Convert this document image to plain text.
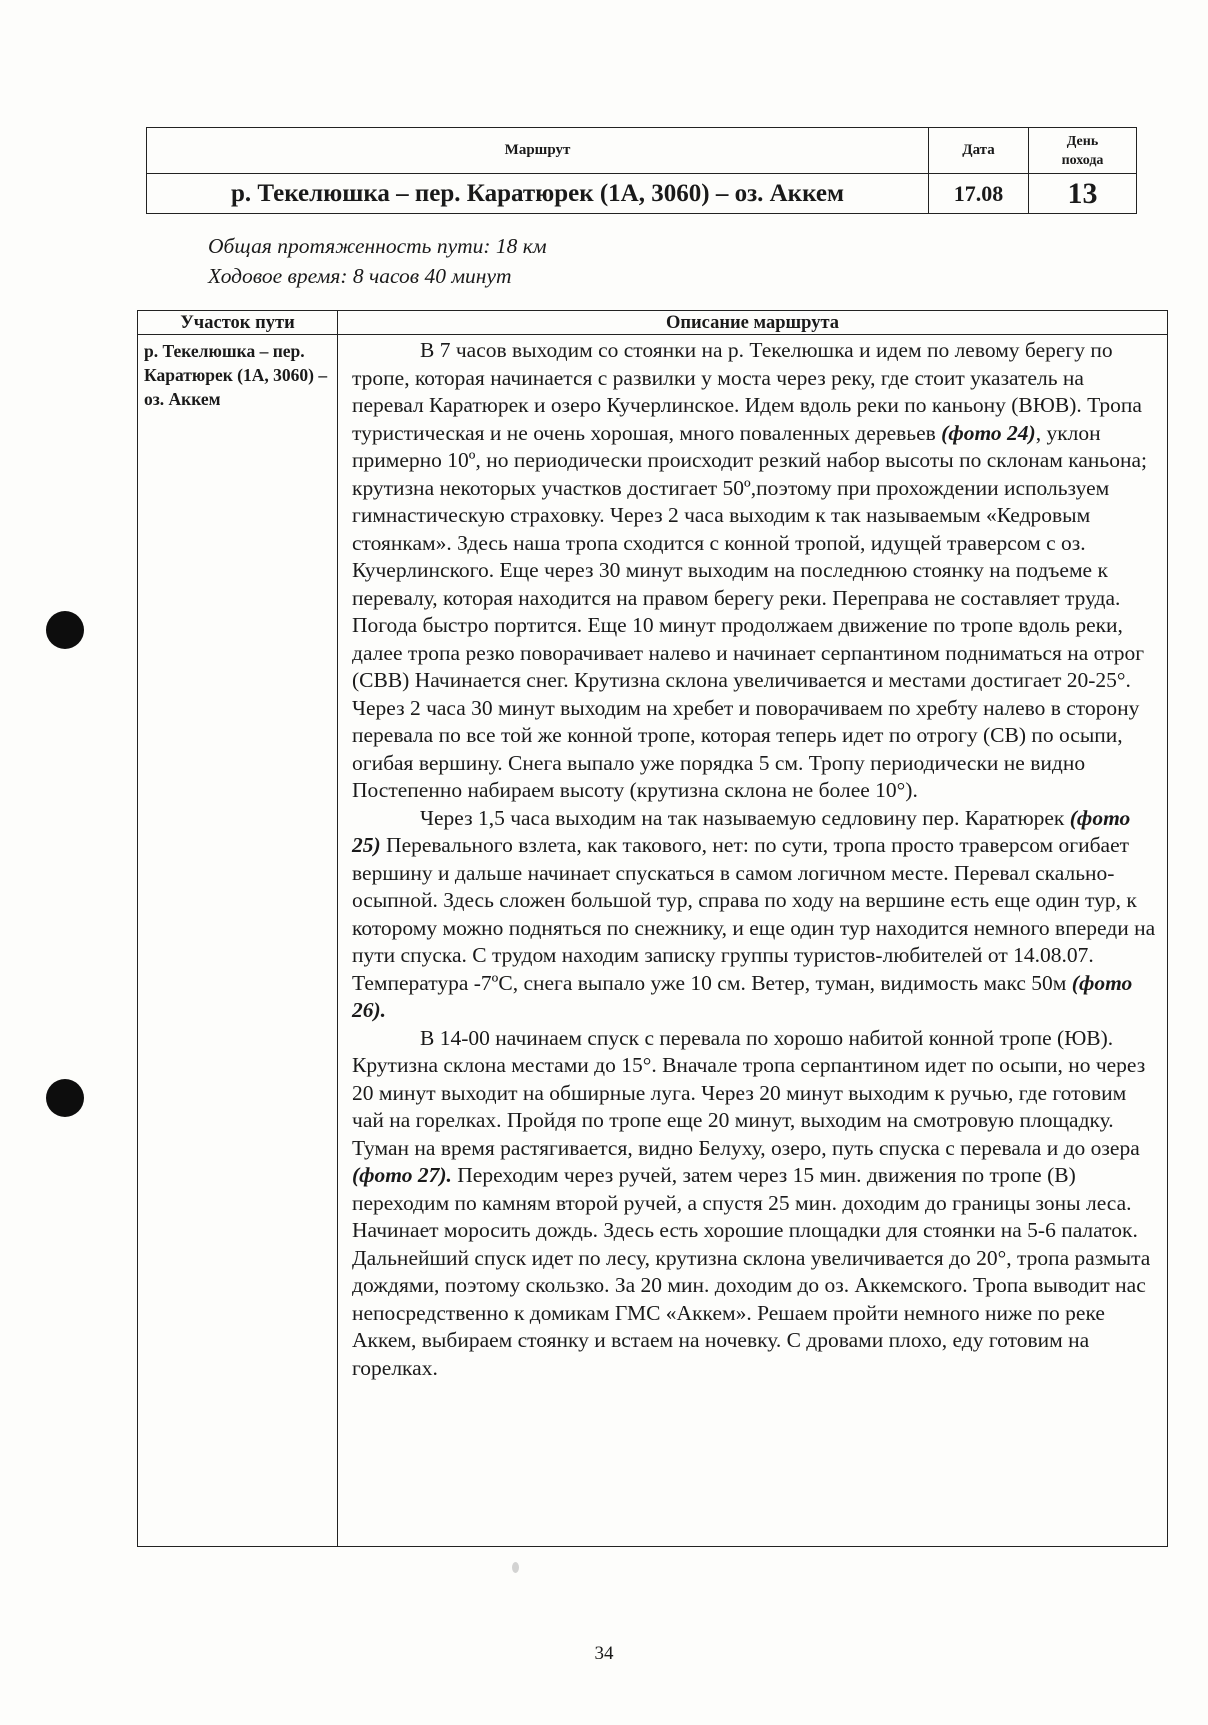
Маршрут	Дата	День
похода
р. Текелюшка – пер. Каратюрек (1А, 3060) – оз. Аккем	17.08	13
Общая протяженность пути: 18 км
Ходовое время: 8 часов 40 минут
Участок пути	Описание маршрута
р. Текелюшка – пер. Каратюрек (1А, 3060) – оз. Аккем	В 7 часов выходим со стоянки на р. Текелюшка и идем по левому берегу по тропе, которая начинается с развилки у моста через реку, где стоит указатель на перевал Каратюрек и озеро Кучерлинское. Идем вдоль реки по каньону (ВЮВ). Тропа туристическая и не очень хорошая, много поваленных деревьев (фото 24), уклон примерно 10º, но периодически происходит резкий набор высоты по склонам каньона; крутизна некоторых участков достигает 50º,поэтому при прохождении используем гимнастическую страховку. Через 2 часа выходим к так называемым «Кедровым стоянкам». Здесь наша тропа сходится с конной тропой, идущей траверсом с оз. Кучерлинского. Еще через 30 минут выходим на последнюю стоянку на подъеме к перевалу, которая находится на правом берегу реки. Переправа не составляет труда. Погода быстро портится. Еще 10 минут продолжаем движение по тропе вдоль реки, далее тропа резко поворачивает налево и начинает серпантином подниматься на отрог (СВВ) Начинается снег. Крутизна склона увеличивается и местами достигает 20-25°. Через 2 часа 30 минут выходим на хребет и поворачиваем по хребту налево в сторону перевала по все той же конной тропе, которая теперь идет по отрогу (СВ) по осыпи, огибая вершину. Снега выпало уже порядка 5 см. Тропу периодически не видно Постепенно набираем высоту (крутизна склона не более 10°).

Через 1,5 часа выходим на так называемую седловину пер. Каратюрек (фото 25) Перевального взлета, как такового, нет: по сути, тропа просто траверсом огибает вершину и дальше начинает спускаться в самом логичном месте. Перевал скально-осыпной. Здесь сложен большой тур, справа по ходу на вершине есть еще один тур, к которому можно подняться по снежнику, и еще один тур находится немного впереди на пути спуска. С трудом находим записку группы туристов-любителей от 14.08.07. Температура -7ºС, снега выпало уже 10 см. Ветер, туман, видимость макс 50м (фото 26).

В 14-00 начинаем спуск с перевала по хорошо набитой конной тропе (ЮВ). Крутизна склона местами до 15°. Вначале тропа серпантином идет по осыпи, но через 20 минут выходит на обширные луга. Через 20 минут выходим к ручью, где готовим чай на горелках. Пройдя по тропе еще 20 минут, выходим на смотровую площадку. Туман на время растягивается, видно Белуху, озеро, путь спуска с перевала и до озера (фото 27). Переходим через ручей, затем через 15 мин. движения по тропе (В) переходим по камням второй ручей, а спустя 25 мин. доходим до границы зоны леса. Начинает моросить дождь. Здесь есть хорошие площадки для стоянки на 5-6 палаток. Дальнейший спуск идет по лесу, крутизна склона увеличивается до 20°, тропа размыта дождями, поэтому скользко. За 20 мин. доходим до оз. Аккемского. Тропа выводит нас непосредственно к домикам ГМС «Аккем». Решаем пройти немного ниже по реке Аккем, выбираем стоянку и встаем на ночевку. С дровами плохо, еду готовим на горелках.

34
